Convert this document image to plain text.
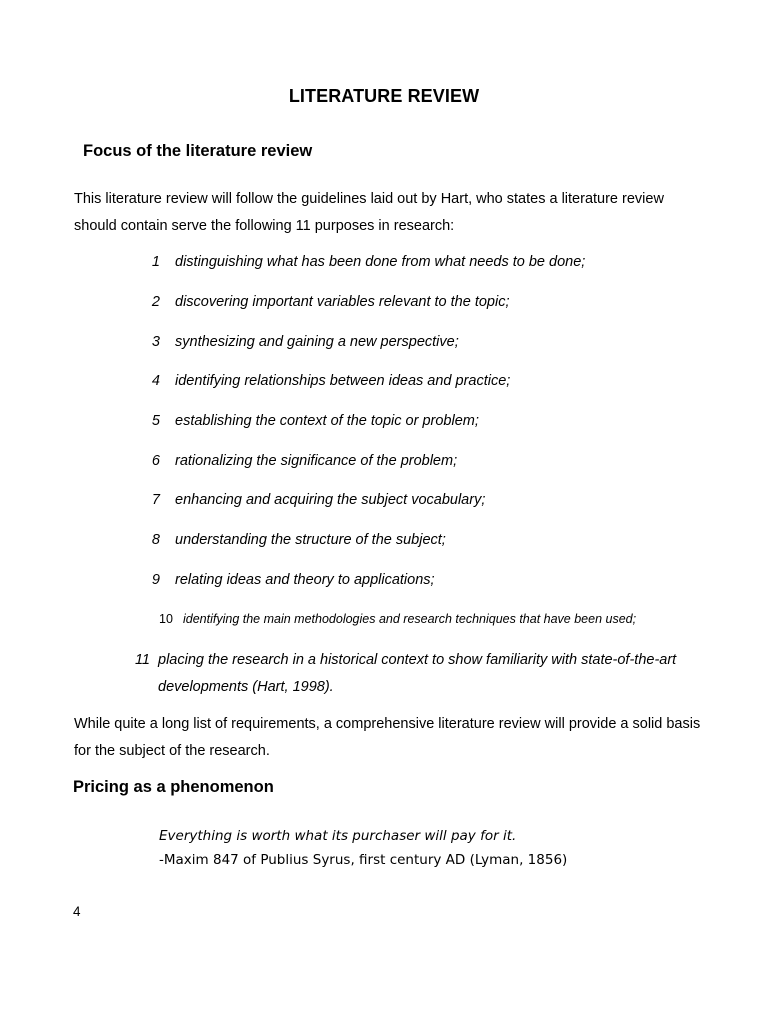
LITERATURE REVIEW
Focus of the literature review
This literature review will follow the guidelines laid out by Hart, who states a literature review should contain serve the following 11 purposes in research:
1 distinguishing what has been done from what needs to be done;
2 discovering important variables relevant to the topic;
3 synthesizing and gaining a new perspective;
4 identifying relationships between ideas and practice;
5 establishing the context of the topic or problem;
6 rationalizing the significance of the problem;
7 enhancing and acquiring the subject vocabulary;
8 understanding the structure of the subject;
9 relating ideas and theory to applications;
10 identifying the main methodologies and research techniques that have been used;
11 placing the research in a historical context to show familiarity with state-of-the-art developments (Hart, 1998).
While quite a long list of requirements, a comprehensive literature review will provide a solid basis for the subject of the research.
Pricing as a phenomenon
Everything is worth what its purchaser will pay for it.
-Maxim 847 of Publius Syrus, first century AD (Lyman, 1856)
4
